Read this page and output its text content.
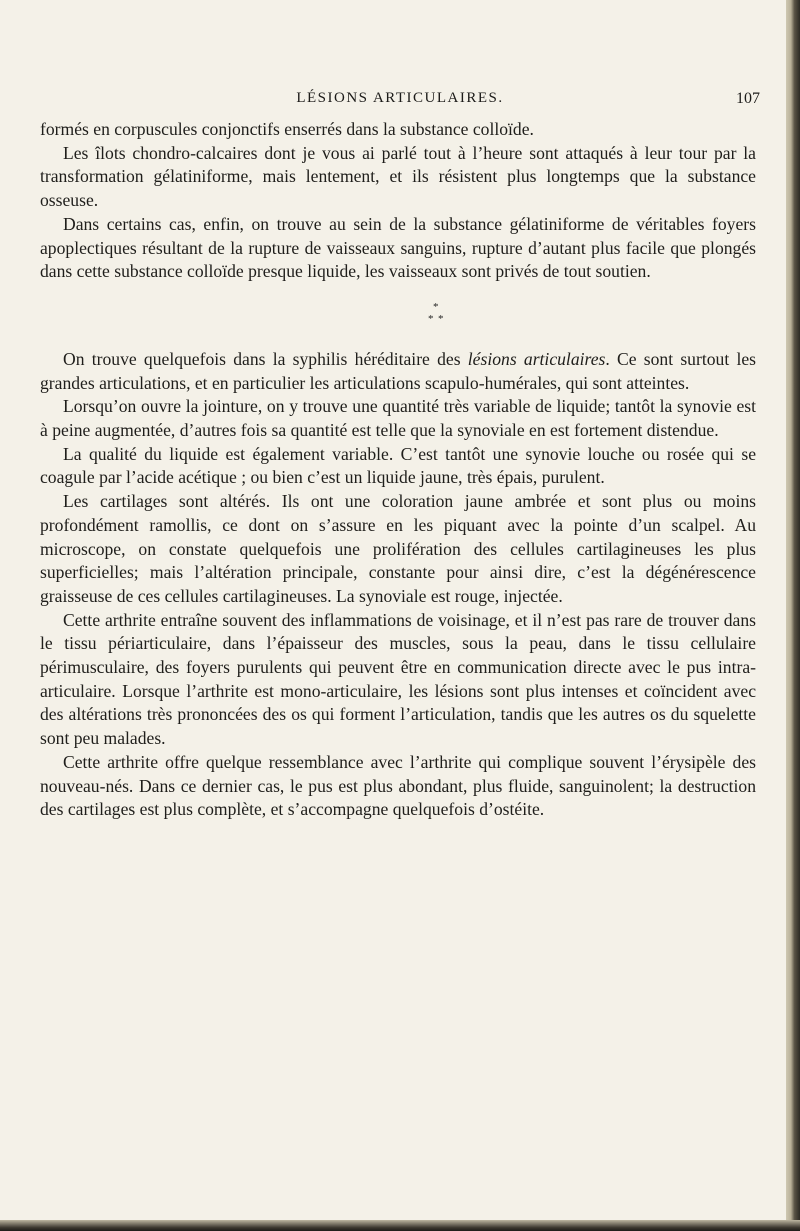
LÉSIONS ARTICULAIRES.	107

formés en corpuscules conjonctifs enserrés dans la substance colloïde.

Les îlots chondro-calcaires dont je vous ai parlé tout à l’heure sont attaqués à leur tour par la transformation gélatiniforme, mais lentement, et ils résistent plus longtemps que la substance osseuse.

Dans certains cas, enfin, on trouve au sein de la substance gélatiniforme de véritables foyers apoplectiques résultant de la rupture de vaisseaux sanguins, rupture d’autant plus facile que plongés dans cette substance colloïde presque liquide, les vaisseaux sont privés de tout soutien.

*
* *

On trouve quelquefois dans la syphilis héréditaire des lésions articulaires. Ce sont surtout les grandes articulations, et en particulier les articulations scapulo-humérales, qui sont atteintes.

Lorsqu’on ouvre la jointure, on y trouve une quantité très variable de liquide; tantôt la synovie est à peine augmentée, d’autres fois sa quantité est telle que la synoviale en est fortement distendue.

La qualité du liquide est également variable. C’est tantôt une synovie louche ou rosée qui se coagule par l’acide acétique ; ou bien c’est un liquide jaune, très épais, purulent.

Les cartilages sont altérés. Ils ont une coloration jaune ambrée et sont plus ou moins profondément ramollis, ce dont on s’assure en les piquant avec la pointe d’un scalpel. Au microscope, on constate quelquefois une prolifération des cellules cartilagineuses les plus superficielles; mais l’altération principale, constante pour ainsi dire, c’est la dégénérescence graisseuse de ces cellules cartilagineuses. La synoviale est rouge, injectée.

Cette arthrite entraîne souvent des inflammations de voisinage, et il n’est pas rare de trouver dans le tissu périarticulaire, dans l’épaisseur des muscles, sous la peau, dans le tissu cellulaire périmusculaire, des foyers purulents qui peuvent être en communication directe avec le pus intra-articulaire. Lorsque l’arthrite est mono-articulaire, les lésions sont plus intenses et coïncident avec des altérations très prononcées des os qui forment l’articulation, tandis que les autres os du squelette sont peu malades.

Cette arthrite offre quelque ressemblance avec l’arthrite qui complique souvent l’érysipèle des nouveau-nés. Dans ce dernier cas, le pus est plus abondant, plus fluide, sanguinolent; la destruction des cartilages est plus complète, et s’accompagne quelquefois d’ostéite.
